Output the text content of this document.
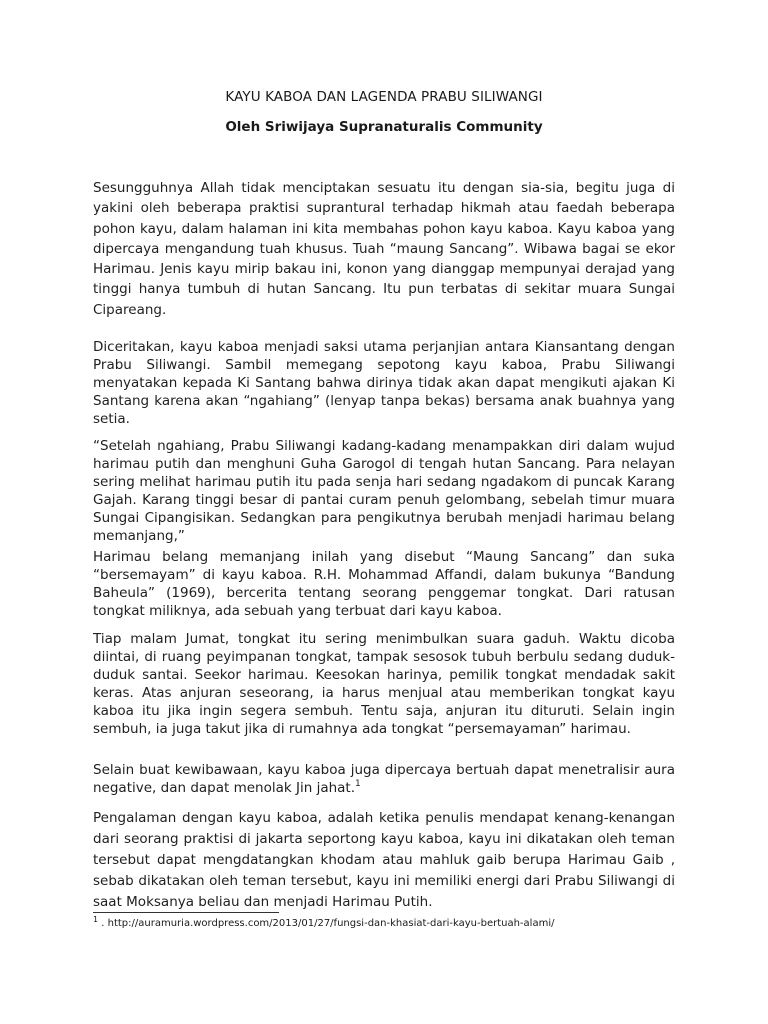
KAYU KABOA DAN LAGENDA PRABU SILIWANGI
Oleh Sriwijaya Supranaturalis Community

Sesungguhnya Allah tidak menciptakan sesuatu itu dengan sia-sia, begitu juga di yakini oleh beberapa praktisi suprantural terhadap hikmah atau faedah beberapa pohon kayu, dalam halaman ini kita membahas pohon kayu kaboa. Kayu kaboa yang dipercaya mengandung tuah khusus. Tuah “maung Sancang”. Wibawa bagai se ekor Harimau. Jenis kayu mirip bakau ini, konon yang dianggap mempunyai derajad yang tinggi hanya tumbuh di hutan Sancang. Itu pun terbatas di sekitar muara Sungai Cipareang.

Diceritakan, kayu kaboa menjadi saksi utama perjanjian antara Kiansantang dengan Prabu Siliwangi. Sambil memegang sepotong kayu kaboa, Prabu Siliwangi menyatakan kepada Ki Santang bahwa dirinya tidak akan dapat mengikuti ajakan Ki Santang karena akan “ngahiang” (lenyap tanpa bekas) bersama anak buahnya yang setia.

“Setelah ngahiang, Prabu Siliwangi kadang-kadang menampakkan diri dalam wujud harimau putih dan menghuni Guha Garogol di tengah hutan Sancang. Para nelayan sering melihat harimau putih itu pada senja hari sedang ngadakom di puncak Karang Gajah. Karang tinggi besar di pantai curam penuh gelombang, sebelah timur muara Sungai Cipangisikan. Sedangkan para pengikutnya berubah menjadi harimau belang memanjang,”

Harimau belang memanjang inilah yang disebut “Maung Sancang” dan suka “bersemayam” di kayu kaboa. R.H. Mohammad Affandi, dalam bukunya “Bandung Baheula” (1969), bercerita tentang seorang penggemar tongkat. Dari ratusan tongkat miliknya, ada sebuah yang terbuat dari kayu kaboa.

Tiap malam Jumat, tongkat itu sering menimbulkan suara gaduh. Waktu dicoba diintai, di ruang peyimpanan tongkat, tampak sesosok tubuh berbulu sedang duduk-duduk santai. Seekor harimau. Keesokan harinya, pemilik tongkat mendadak sakit keras. Atas anjuran seseorang, ia harus menjual atau memberikan tongkat kayu kaboa itu jika ingin segera sembuh. Tentu saja, anjuran itu dituruti. Selain ingin sembuh, ia juga takut jika di rumahnya ada tongkat “persemayaman” harimau.

Selain buat kewibawaan, kayu kaboa juga dipercaya bertuah dapat menetralisir aura negative, dan dapat menolak Jin jahat.$^1$

Pengalaman dengan kayu kaboa, adalah ketika penulis mendapat kenang-kenangan dari seorang praktisi di jakarta seportong kayu kaboa, kayu ini dikatakan oleh teman tersebut dapat mengdatangkan khodam atau mahluk gaib berupa Harimau Gaib , sebab dikatakan oleh teman tersebut, kayu ini memiliki energi dari Prabu Siliwangi di saat Moksanya beliau dan menjadi Harimau Putih.

$^1$ . http://auramuria.wordpress.com/2013/01/27/fungsi-dan-khasiat-dari-kayu-bertuah-alami/
